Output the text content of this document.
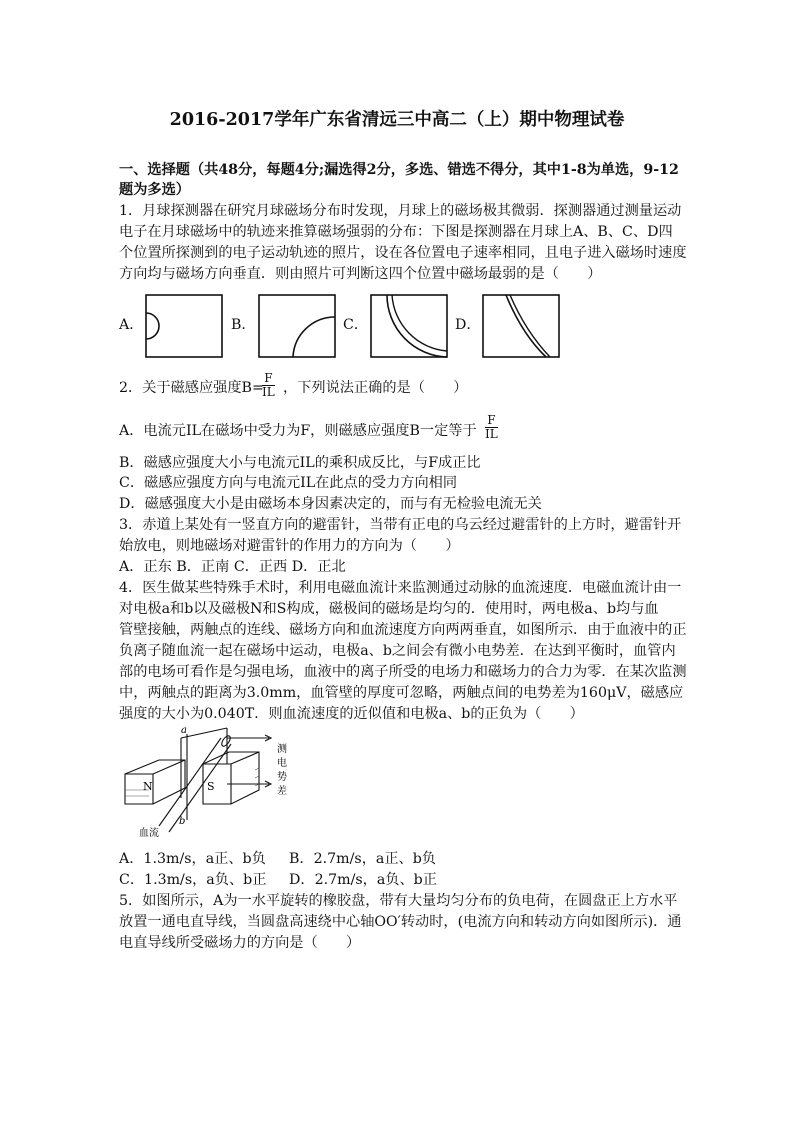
2016-2017学年广东省清远三中高二（上）期中物理试卷
一、选择题（共48分，每题4分;漏选得2分，多选、错选不得分，其中1-8为单选，9-12
题为多选）
1．月球探测器在研究月球磁场分布时发现，月球上的磁场极其微弱．探测器通过测量运动
电子在月球磁场中的轨迹来推算磁场强弱的分布：下图是探测器在月球上A、B、C、D四
个位置所探测到的电子运动轨迹的照片，设在各位置电子速率相同，且电子进入磁场时速度
方向均与磁场方向垂直．则由照片可判断这四个位置中磁场最弱的是（　　）
A．	B．	C．	D．
2．关于磁感应强度B=
$\frac{F}{IL}$ ，下列说法正确的是（　　）
A．电流元IL在磁场中受力为F，则磁感应强度B一定等于 $\frac{F}{IL}$
B．磁感应强度大小与电流元IL的乘积成反比，与F成正比
C．磁感应强度方向与电流元IL在此点的受力方向相同
D．磁感强度大小是由磁场本身因素决定的，而与有无检验电流无关
3．赤道上某处有一竖直方向的避雷针，当带有正电的乌云经过避雷针的上方时，避雷针开
始放电，则地磁场对避雷针的作用力的方向为（　　）
A．正东 B．正南 C．正西 D．正北
4．医生做某些特殊手术时，利用电磁血流计来监测通过动脉的血流速度．电磁血流计由一
对电极a和b以及磁极N和S构成，磁极间的磁场是均匀的．使用时，两电极a、b均与血
管壁接触，两触点的连线、磁场方向和血流速度方向两两垂直，如图所示．由于血液中的正
负离子随血流一起在磁场中运动，电极a、b之间会有微小电势差．在达到平衡时，血管内
部的电场可看作是匀强电场，血液中的离子所受的电场力和磁场力的合力为零．在某次监测
中，两触点的距离为3.0mm，血管壁的厚度可忽略，两触点间的电势差为160μV，磁感应
强度的大小为0.040T．则血流速度的近似值和电极a、b的正负为（　　）
a
b
N	S
血流
测
电
势
差
A．1.3m/s，a正、b负 B．2.7m/s，a正、b负
C．1.3m/s，a负、b正 D．2.7m/s，a负、b正
5．如图所示，A为一水平旋转的橡胶盘，带有大量均匀分布的负电荷，在圆盘正上方水平
放置一通电直导线，当圆盘高速绕中心轴OO′转动时，(电流方向和转动方向如图所示)．通
电直导线所受磁场力的方向是（　　）
